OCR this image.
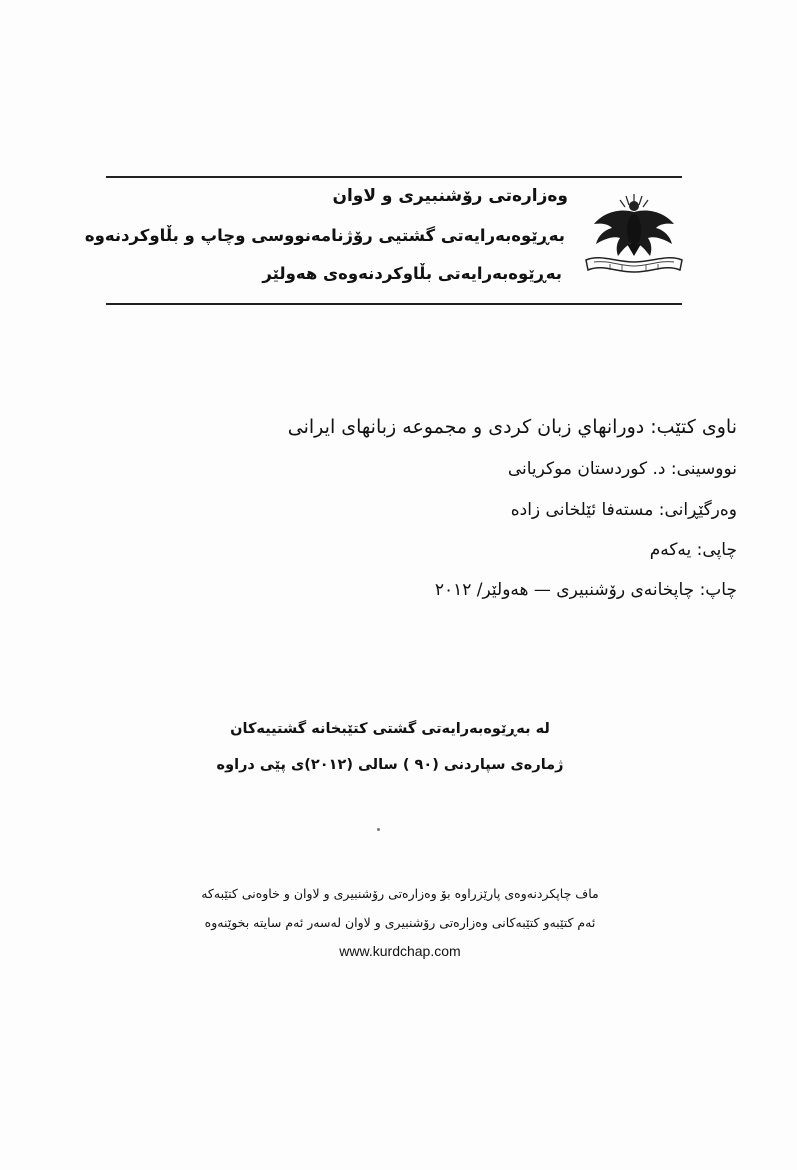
وەزارەتی رۆشنبیری و لاوان
بەڕێوەبەرایەتی گشتیی رۆژنامەنووسی وچاپ و بڵاوکردنەوە
بەڕێوەبەرایەتی بڵاوکردنەوەی هەولێر
ناوی کتێب: دورانهاي زبان کردی و مجموعه زبانهای ایرانی
نووسینی: د. کوردستان موکریانی
وەرگێڕانی: مستەفا ئێلخانی زادە
چاپی: یەکەم
چاپ: چاپخانەی رۆشنبیری — هەولێر/ ٢٠١٢
لە بەڕێوەبەرایەتی گشتی کتێبخانە گشتییەکان
ژمارەی سپاردنی (٩٠ ) سالی (٢٠١٢)ی پێی دراوە
ماف چاپکردنەوەی پارێزراوە بۆ وەزارەتی رۆشنبیری و لاوان و خاوەنی کتێبەکە
ئەم کتێبەو کتێبەکانی وەزارەتی رۆشنبیری و لاوان لەسەر ئەم سایتە بخوێنەوە
www.kurdchap.com
